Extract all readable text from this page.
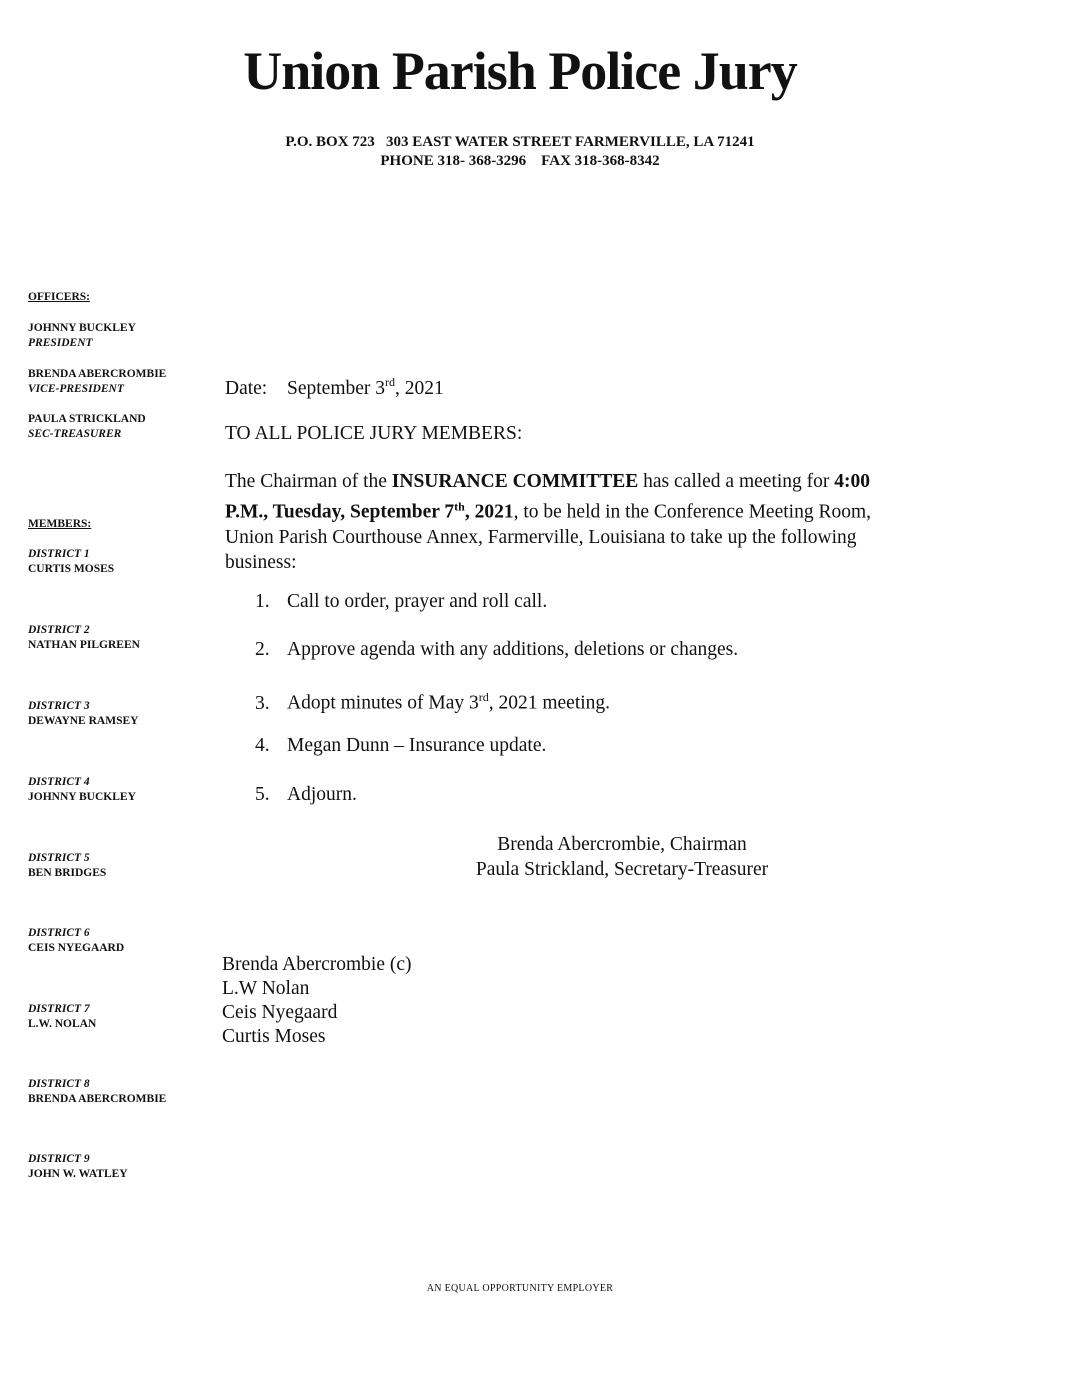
Union Parish Police Jury
P.O. BOX 723   303 EAST WATER STREET FARMERVILLE, LA 71241
PHONE 318- 368-3296    FAX 318-368-8342
OFFICERS:
JOHNNY BUCKLEY
PRESIDENT
BRENDA ABERCROMBIE
VICE-PRESIDENT
PAULA STRICKLAND
SEC-TREASURER
MEMBERS:
DISTRICT 1
CURTIS MOSES
DISTRICT 2
NATHAN PILGREEN
DISTRICT 3
DEWAYNE RAMSEY
DISTRICT 4
JOHNNY BUCKLEY
DISTRICT 5
BEN BRIDGES
DISTRICT 6
CEIS NYEGAARD
DISTRICT 7
L.W. NOLAN
DISTRICT 8
BRENDA ABERCROMBIE
DISTRICT 9
JOHN W. WATLEY
Date: September 3rd, 2021
TO ALL POLICE JURY MEMBERS:
The Chairman of the INSURANCE COMMITTEE has called a meeting for 4:00
P.M., Tuesday, September 7th, 2021, to be held in the Conference Meeting Room,
Union Parish Courthouse Annex, Farmerville, Louisiana to take up the following
business:
1. Call to order, prayer and roll call.
2. Approve agenda with any additions, deletions or changes.
3. Adopt minutes of May 3rd, 2021 meeting.
4. Megan Dunn – Insurance update.
5. Adjourn.
Brenda Abercrombie, Chairman
Paula Strickland, Secretary-Treasurer
Brenda Abercrombie (c)
L.W Nolan
Ceis Nyegaard
Curtis Moses
AN EQUAL OPPORTUNITY EMPLOYER
